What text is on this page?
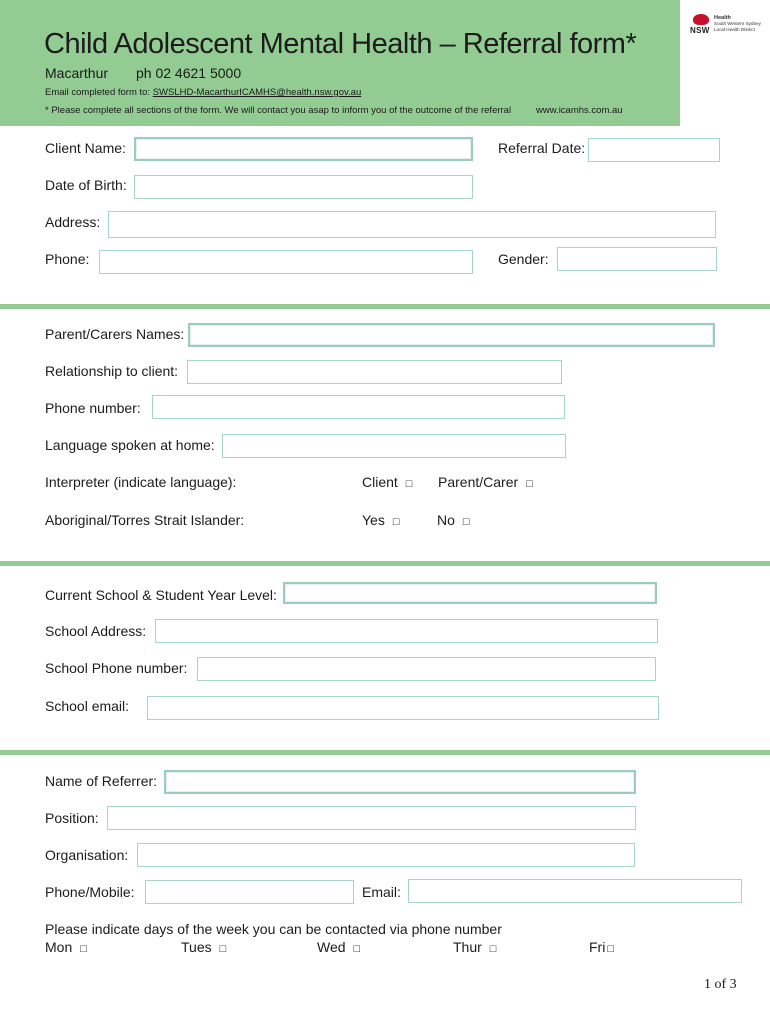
Child Adolescent Mental Health – Referral form*
Macarthur ph 02 4621 5000
Email completed form to: SWSLHD-MacarthurICAMHS@health.nsw.gov.au
* Please complete all sections of the form. We will contact you asap to inform you of the outcome of the referral	www.icamhs.com.au
NSW
Health
South Western Sydney
Local Health District
Client Name:	Referral Date:
Date of Birth:
Address:
Phone:	Gender:
Parent/Carers Names:
Relationship to client:
Phone number:
Language spoken at home:
Interpreter (indicate language):	Client □ Parent/Carer □
Aboriginal/Torres Strait Islander:	Yes □	No □
Current School & Student Year Level:
School Address:
School Phone number:
School email:
Name of Referrer:
Position:
Organisation:
Phone/Mobile:	Email:
Please indicate days of the week you can be contacted via phone number
Mon □	Tues □	Wed □	Thur □	Fri □
1 of 3
